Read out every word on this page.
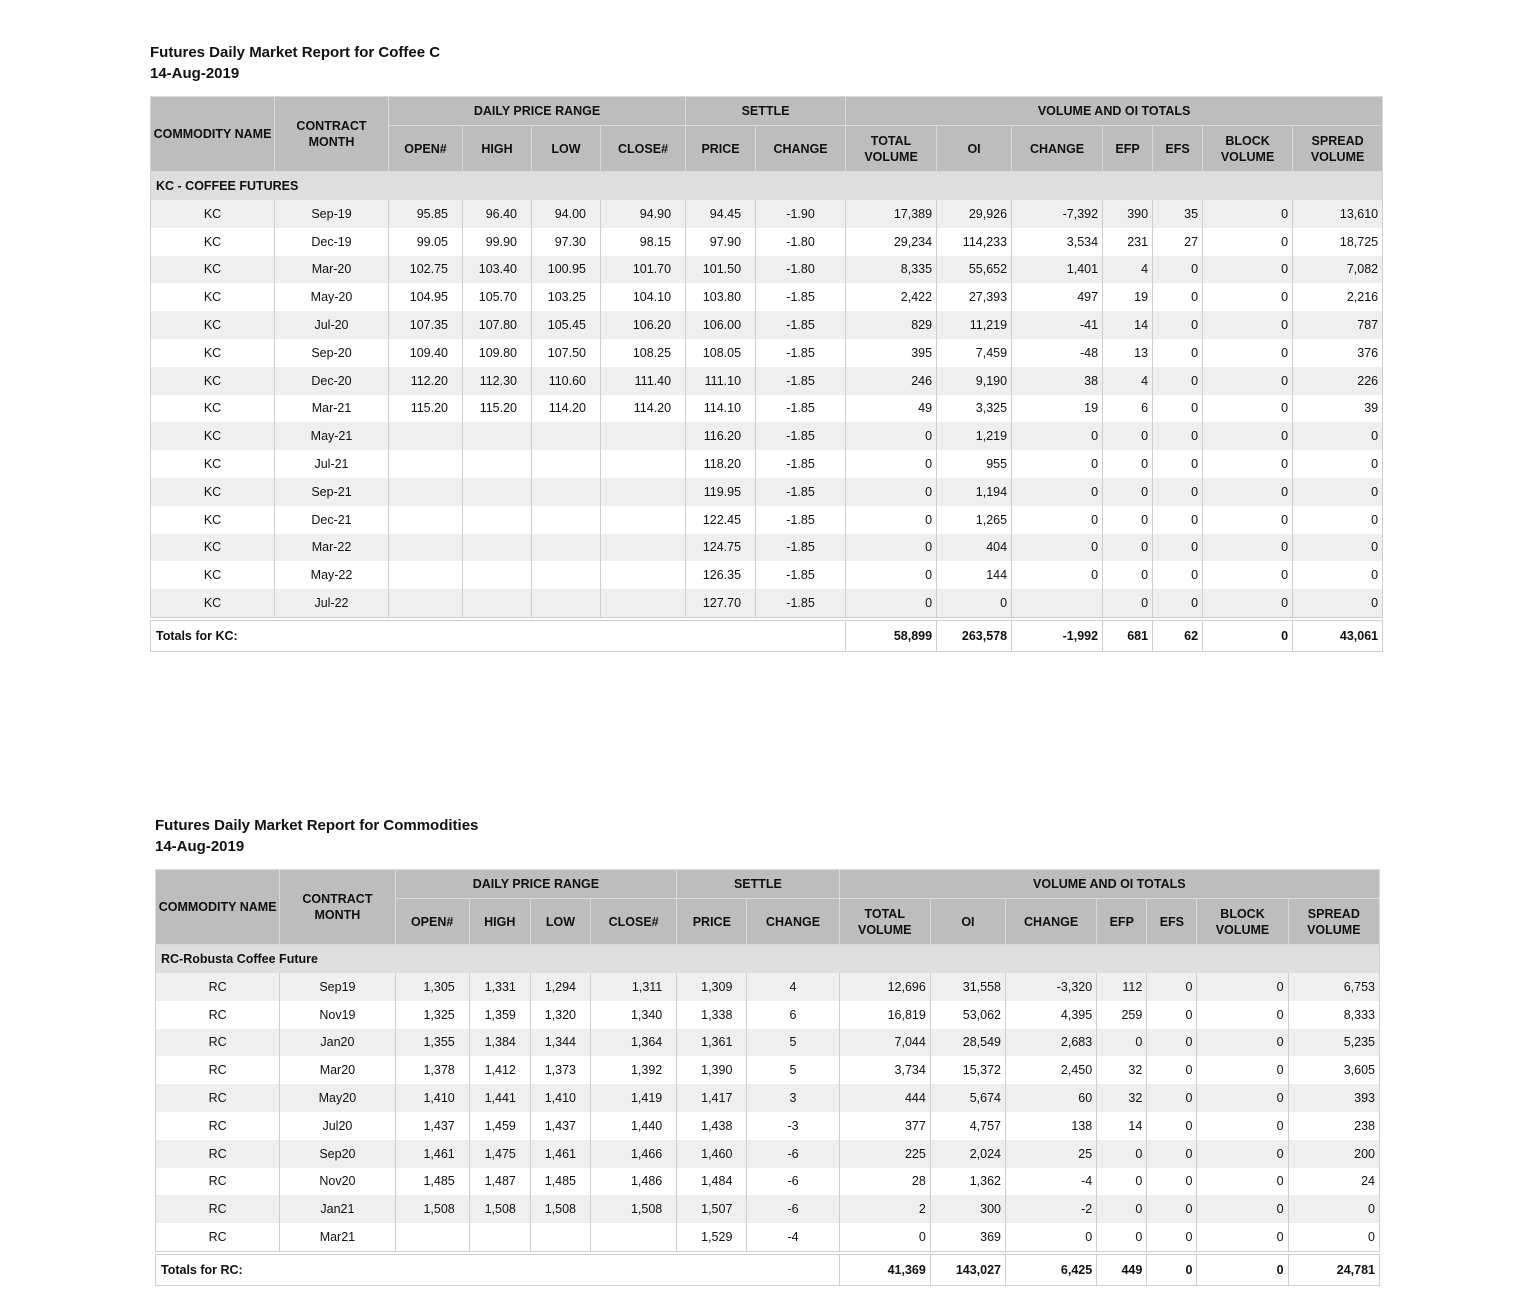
Futures Daily Market Report for Coffee C
14-Aug-2019
COMMODITY NAME	CONTRACT MONTH	DAILY PRICE RANGE				SETTLE		VOLUME AND OI TOTALS						
		OPEN#	HIGH	LOW	CLOSE#	PRICE	CHANGE	TOTAL VOLUME	OI	CHANGE	EFP	EFS	BLOCK VOLUME	SPREAD VOLUME
KC - COFFEE FUTURES														
KC	Sep-19	95.85	96.40	94.00	94.90	94.45	-1.90	17,389	29,926	-7,392	390	35	0	13,610
KC	Dec-19	99.05	99.90	97.30	98.15	97.90	-1.80	29,234	114,233	3,534	231	27	0	18,725
KC	Mar-20	102.75	103.40	100.95	101.70	101.50	-1.80	8,335	55,652	1,401	4	0	0	7,082
KC	May-20	104.95	105.70	103.25	104.10	103.80	-1.85	2,422	27,393	497	19	0	0	2,216
KC	Jul-20	107.35	107.80	105.45	106.20	106.00	-1.85	829	11,219	-41	14	0	0	787
KC	Sep-20	109.40	109.80	107.50	108.25	108.05	-1.85	395	7,459	-48	13	0	0	376
KC	Dec-20	112.20	112.30	110.60	111.40	111.10	-1.85	246	9,190	38	4	0	0	226
KC	Mar-21	115.20	115.20	114.20	114.20	114.10	-1.85	49	3,325	19	6	0	0	39
KC	May-21					116.20	-1.85	0	1,219	0	0	0	0	0
KC	Jul-21					118.20	-1.85	0	955	0	0	0	0	0
KC	Sep-21					119.95	-1.85	0	1,194	0	0	0	0	0
KC	Dec-21					122.45	-1.85	0	1,265	0	0	0	0	0
KC	Mar-22					124.75	-1.85	0	404	0	0	0	0	0
KC	May-22					126.35	-1.85	0	144	0	0	0	0	0
KC	Jul-22					127.70	-1.85	0	0		0	0	0	0
Totals for KC:								58,899	263,578	-1,992	681	62	0	43,061
Futures Daily Market Report for Commodities
14-Aug-2019
COMMODITY NAME	CONTRACT MONTH	DAILY PRICE RANGE				SETTLE		VOLUME AND OI TOTALS						
		OPEN#	HIGH	LOW	CLOSE#	PRICE	CHANGE	TOTAL VOLUME	OI	CHANGE	EFP	EFS	BLOCK VOLUME	SPREAD VOLUME
RC-Robusta Coffee Future														
RC	Sep19	1,305	1,331	1,294	1,311	1,309	4	12,696	31,558	-3,320	112	0	0	6,753
RC	Nov19	1,325	1,359	1,320	1,340	1,338	6	16,819	53,062	4,395	259	0	0	8,333
RC	Jan20	1,355	1,384	1,344	1,364	1,361	5	7,044	28,549	2,683	0	0	0	5,235
RC	Mar20	1,378	1,412	1,373	1,392	1,390	5	3,734	15,372	2,450	32	0	0	3,605
RC	May20	1,410	1,441	1,410	1,419	1,417	3	444	5,674	60	32	0	0	393
RC	Jul20	1,437	1,459	1,437	1,440	1,438	-3	377	4,757	138	14	0	0	238
RC	Sep20	1,461	1,475	1,461	1,466	1,460	-6	225	2,024	25	0	0	0	200
RC	Nov20	1,485	1,487	1,485	1,486	1,484	-6	28	1,362	-4	0	0	0	24
RC	Jan21	1,508	1,508	1,508	1,508	1,507	-6	2	300	-2	0	0	0	0
RC	Mar21					1,529	-4	0	369	0	0	0	0	0
Totals for RC:								41,369	143,027	6,425	449	0	0	24,781
